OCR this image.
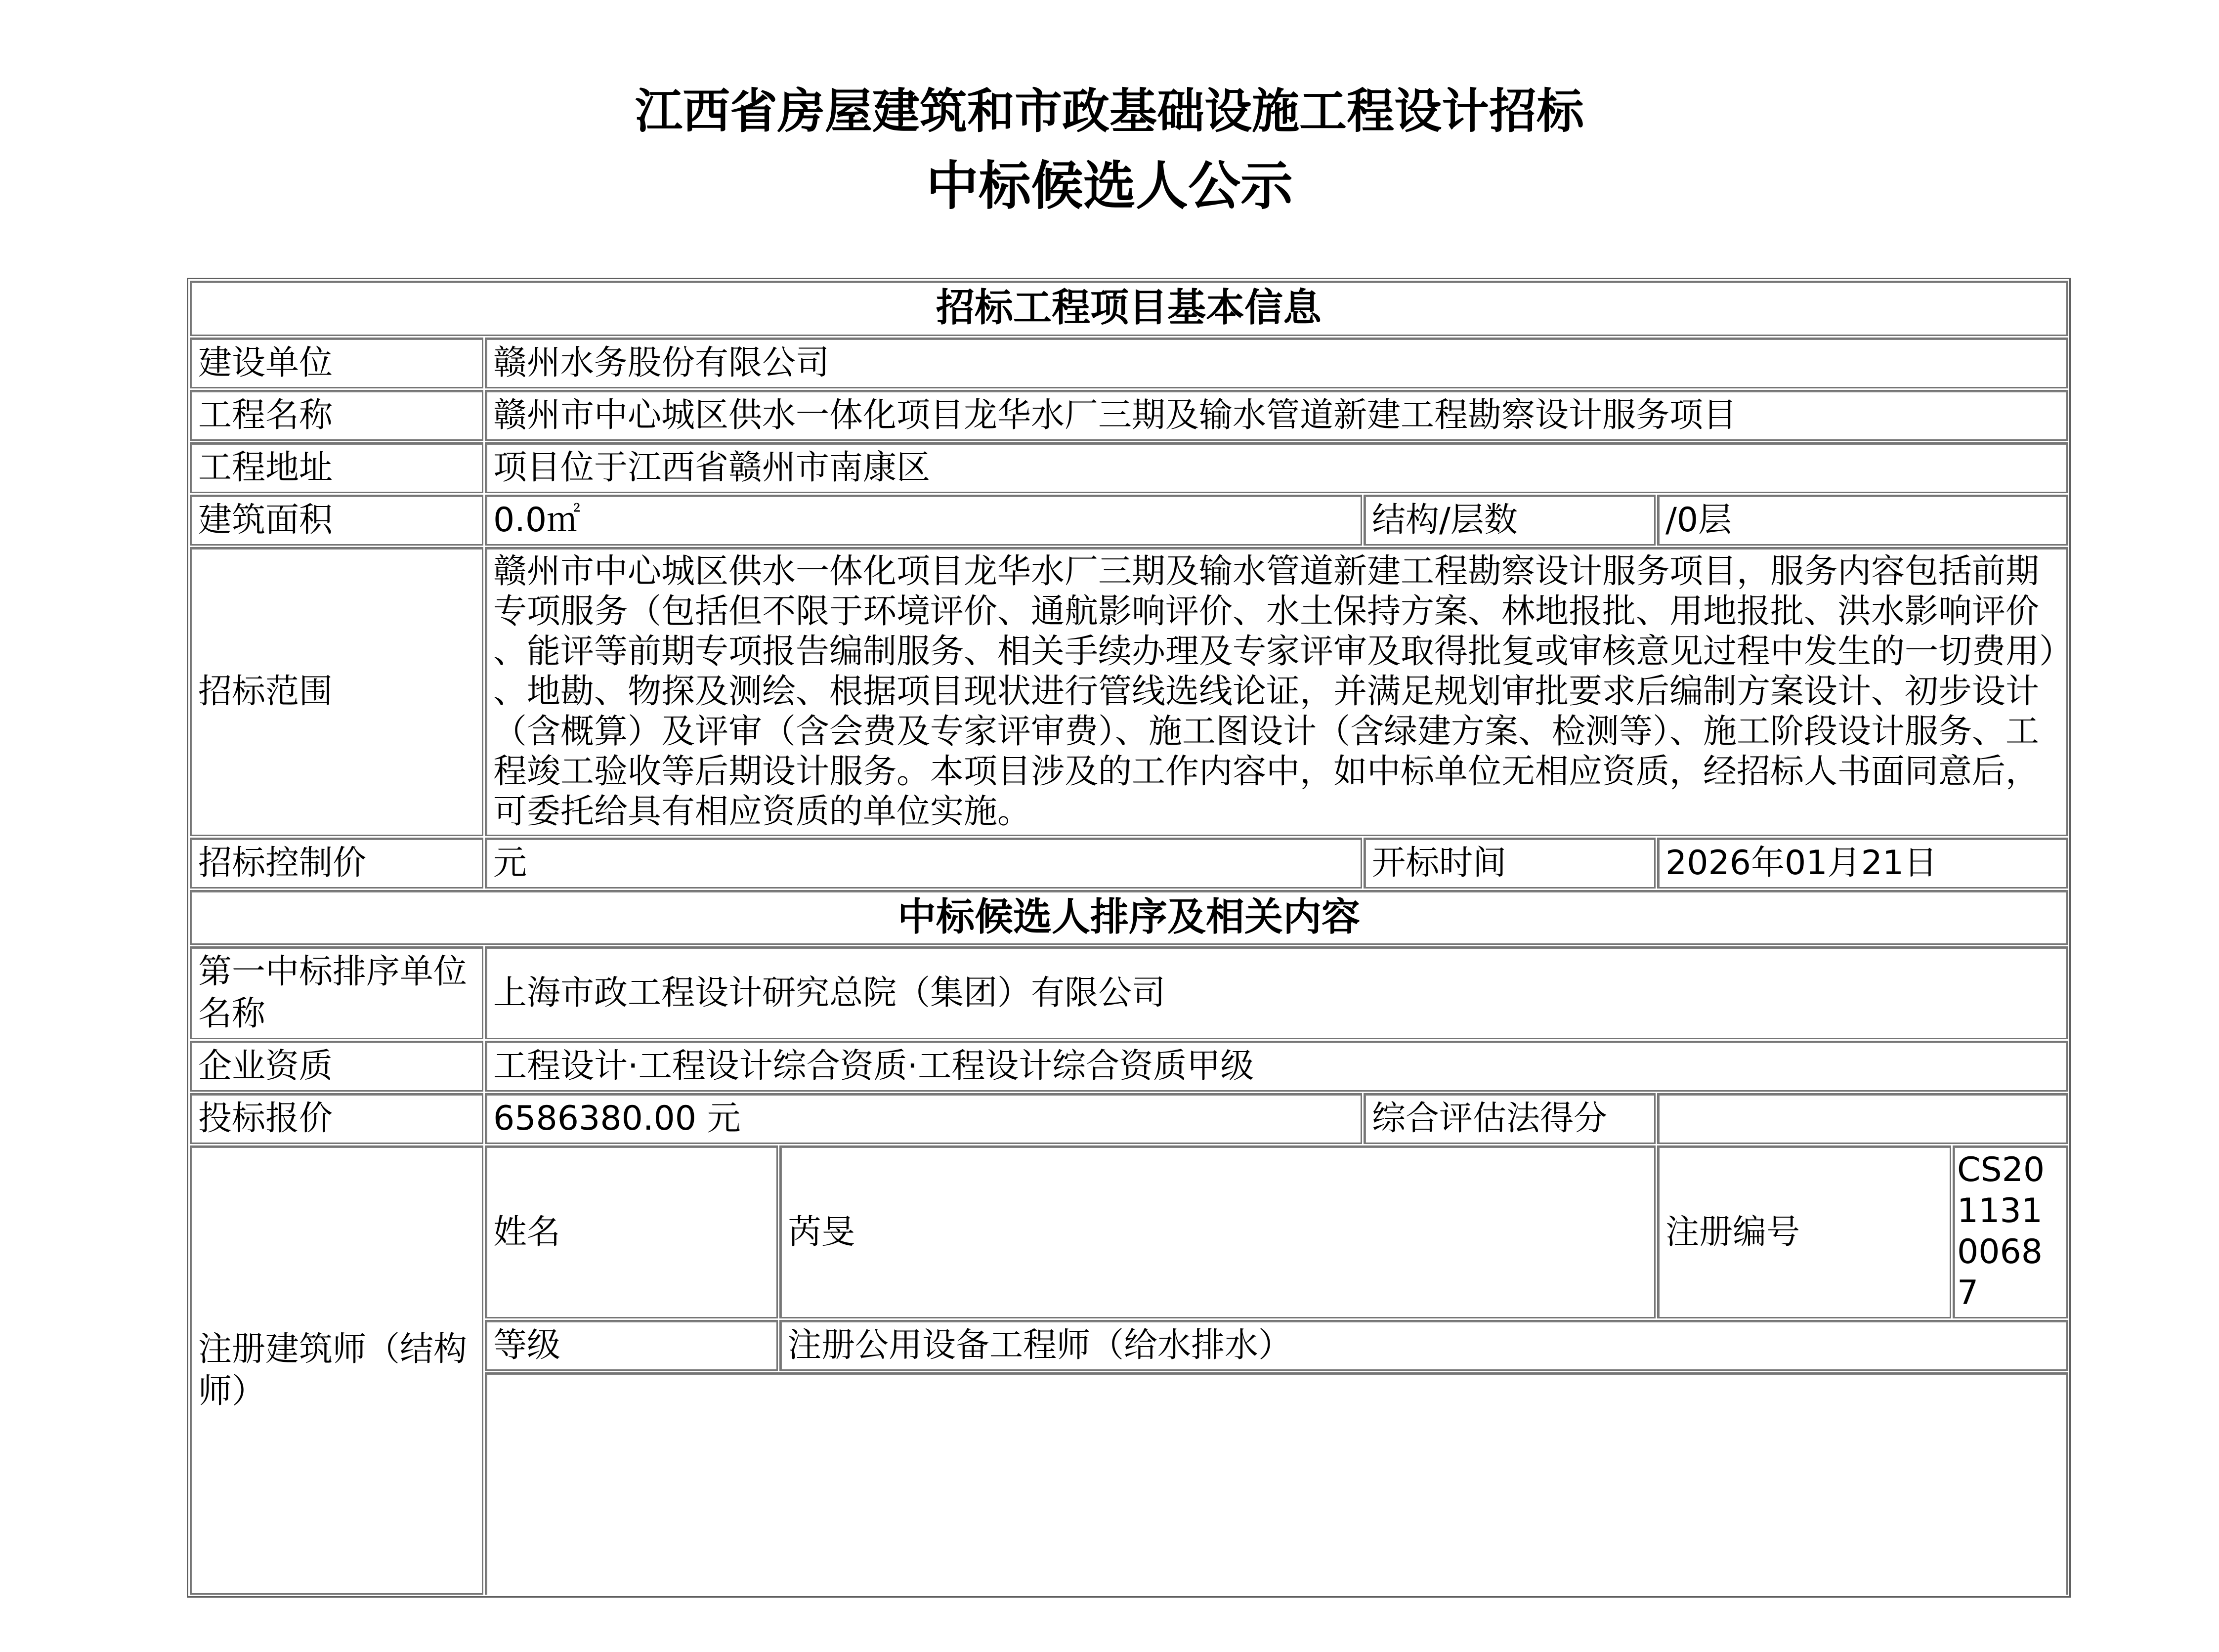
江西省房屋建筑和市政基础设施工程设计招标
中标候选人公示
招标工程项目基本信息					
建设单位	赣州水务股份有限公司				
工程名称	赣州市中心城区供水一体化项目龙华水厂三期及输水管道新建工程勘察设计服务项目				
工程地址	项目位于江西省赣州市南康区				
建筑面积	0.0㎡		结构/层数	/0层	
招标范围	赣州市中心城区供水一体化项目龙华水厂三期及输水管道新建工程勘察设计服务项目，服务内容包括前期专项服务（包括但不限于环境评价、通航影响评价、水土保持方案、林地报批、用地报批、洪水影响评价、能评等前期专项报告编制服务、相关手续办理及专家评审及取得批复或审核意见过程中发生的一切费用）、地勘、物探及测绘、根据项目现状进行管线选线论证，并满足规划审批要求后编制方案设计、初步设计（含概算）及评审（含会费及专家评审费）、施工图设计（含绿建方案、检测等）、施工阶段设计服务、工程竣工验收等后期设计服务。本项目涉及的工作内容中，如中标单位无相应资质，经招标人书面同意后，可委托给具有相应资质的单位实施。				
招标控制价	元		开标时间	2026年01月21日	
中标候选人排序及相关内容					
第一中标排序单位名称	上海市政工程设计研究总院（集团）有限公司				
企业资质	工程设计·工程设计综合资质·工程设计综合资质甲级				
投标报价	6586380.00 元		综合评估法得分		
注册建筑师（结构师）	姓名	芮旻		注册编号	CS20113100687
	等级	注册公用设备工程师（给水排水）			
